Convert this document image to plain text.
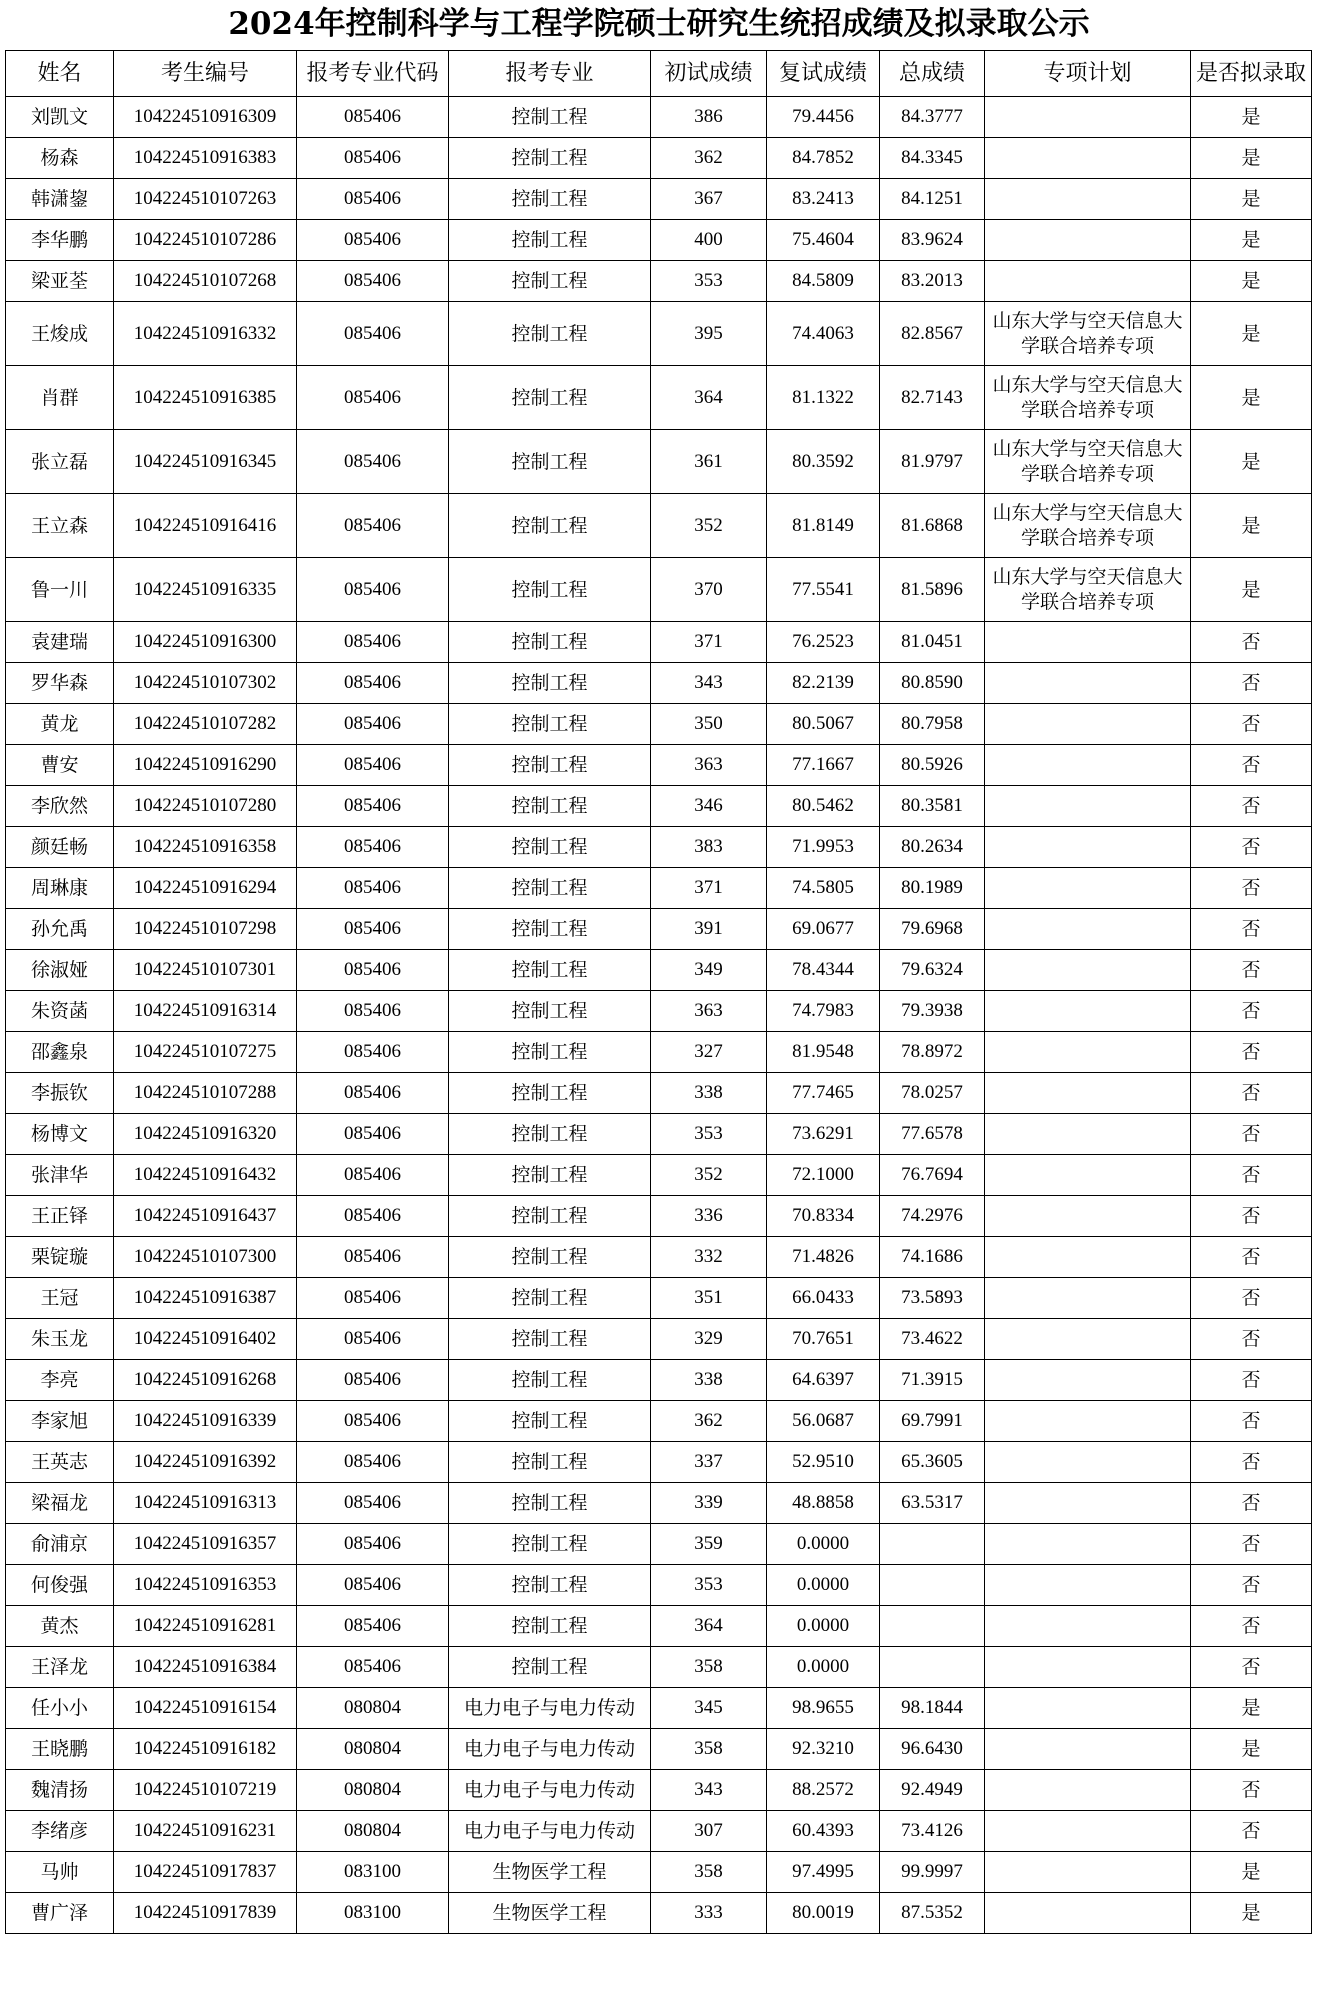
2024年控制科学与工程学院硕士研究生统招成绩及拟录取公示
姓名	考生编号	报考专业代码	报考专业	初试成绩	复试成绩	总成绩	专项计划	是否拟录取
刘凯文	104224510916309	085406	控制工程	386	79.4456	84.3777		是
杨森	104224510916383	085406	控制工程	362	84.7852	84.3345		是
韩潇鋆	104224510107263	085406	控制工程	367	83.2413	84.1251		是
李华鹏	104224510107286	085406	控制工程	400	75.4604	83.9624		是
梁亚荃	104224510107268	085406	控制工程	353	84.5809	83.2013		是
王焌成	104224510916332	085406	控制工程	395	74.4063	82.8567	山东大学与空天信息大学联合培养专项	是
肖群	104224510916385	085406	控制工程	364	81.1322	82.7143	山东大学与空天信息大学联合培养专项	是
张立磊	104224510916345	085406	控制工程	361	80.3592	81.9797	山东大学与空天信息大学联合培养专项	是
王立森	104224510916416	085406	控制工程	352	81.8149	81.6868	山东大学与空天信息大学联合培养专项	是
鲁一川	104224510916335	085406	控制工程	370	77.5541	81.5896	山东大学与空天信息大学联合培养专项	是
袁建瑞	104224510916300	085406	控制工程	371	76.2523	81.0451		否
罗华森	104224510107302	085406	控制工程	343	82.2139	80.8590		否
黄龙	104224510107282	085406	控制工程	350	80.5067	80.7958		否
曹安	104224510916290	085406	控制工程	363	77.1667	80.5926		否
李欣然	104224510107280	085406	控制工程	346	80.5462	80.3581		否
颜廷畅	104224510916358	085406	控制工程	383	71.9953	80.2634		否
周琳康	104224510916294	085406	控制工程	371	74.5805	80.1989		否
孙允禹	104224510107298	085406	控制工程	391	69.0677	79.6968		否
徐淑娅	104224510107301	085406	控制工程	349	78.4344	79.6324		否
朱资菡	104224510916314	085406	控制工程	363	74.7983	79.3938		否
邵鑫泉	104224510107275	085406	控制工程	327	81.9548	78.8972		否
李振钦	104224510107288	085406	控制工程	338	77.7465	78.0257		否
杨博文	104224510916320	085406	控制工程	353	73.6291	77.6578		否
张津华	104224510916432	085406	控制工程	352	72.1000	76.7694		否
王正铎	104224510916437	085406	控制工程	336	70.8334	74.2976		否
栗锭璇	104224510107300	085406	控制工程	332	71.4826	74.1686		否
王冠	104224510916387	085406	控制工程	351	66.0433	73.5893		否
朱玉龙	104224510916402	085406	控制工程	329	70.7651	73.4622		否
李亮	104224510916268	085406	控制工程	338	64.6397	71.3915		否
李家旭	104224510916339	085406	控制工程	362	56.0687	69.7991		否
王英志	104224510916392	085406	控制工程	337	52.9510	65.3605		否
梁福龙	104224510916313	085406	控制工程	339	48.8858	63.5317		否
俞浦京	104224510916357	085406	控制工程	359	0.0000			否
何俊强	104224510916353	085406	控制工程	353	0.0000			否
黄杰	104224510916281	085406	控制工程	364	0.0000			否
王泽龙	104224510916384	085406	控制工程	358	0.0000			否
任小小	104224510916154	080804	电力电子与电力传动	345	98.9655	98.1844		是
王晓鹏	104224510916182	080804	电力电子与电力传动	358	92.3210	96.6430		是
魏清扬	104224510107219	080804	电力电子与电力传动	343	88.2572	92.4949		否
李绪彦	104224510916231	080804	电力电子与电力传动	307	60.4393	73.4126		否
马帅	104224510917837	083100	生物医学工程	358	97.4995	99.9997		是
曹广泽	104224510917839	083100	生物医学工程	333	80.0019	87.5352		是
